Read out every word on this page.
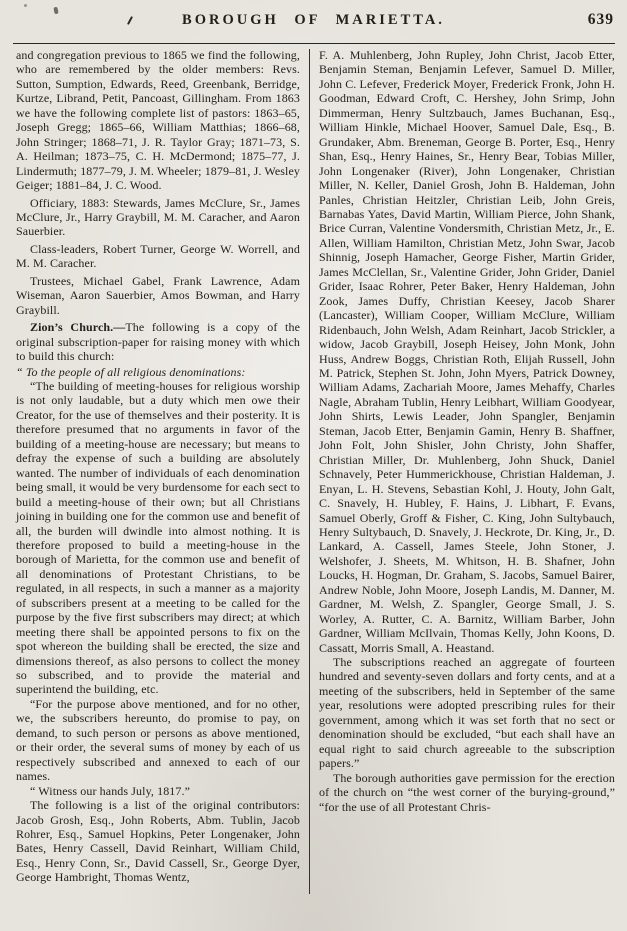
BOROUGH OF MARIETTA.	639

and congregation previous to 1865 we find the following, who are remembered by the older members: Revs. Sutton, Sumption, Edwards, Reed, Greenbank, Berridge, Kurtze, Librand, Petit, Pancoast, Gillingham. From 1863 we have the following complete list of pastors: 1863–65, Joseph Gregg; 1865–66, William Matthias; 1866–68, John Stringer; 1868–71, J. R. Taylor Gray; 1871–73, S. A. Heilman; 1873–75, C. H. McDermond; 1875–77, J. Lindermuth; 1877–79, J. M. Wheeler; 1879–81, J. Wesley Geiger; 1881–84, J. C. Wood.

Officiary, 1883: Stewards, James McClure, Sr., James McClure, Jr., Harry Graybill, M. M. Caracher, and Aaron Sauerbier.

Class-leaders, Robert Turner, George W. Worrell, and M. M. Caracher.

Trustees, Michael Gabel, Frank Lawrence, Adam Wiseman, Aaron Sauerbier, Amos Bowman, and Harry Graybill.

Zion’s Church.—The following is a copy of the original subscription-paper for raising money with which to build this church:

“ To the people of all religious denominations:

“The building of meeting-houses for religious worship is not only laudable, but a duty which men owe their Creator, for the use of themselves and their posterity. It is therefore presumed that no arguments in favor of the building of a meeting-house are necessary; but means to defray the expense of such a building are absolutely wanted. The number of individuals of each denomination being small, it would be very burdensome for each sect to build a meeting-house of their own; but all Christians joining in building one for the common use and benefit of all, the burden will dwindle into almost nothing. It is therefore proposed to build a meeting-house in the borough of Marietta, for the common use and benefit of all denominations of Protestant Christians, to be regulated, in all respects, in such a manner as a majority of subscribers present at a meeting to be called for the purpose by the five first subscribers may direct; at which meeting there shall be appointed persons to fix on the spot whereon the building shall be erected, the size and dimensions thereof, as also persons to collect the money so subscribed, and to provide the material and superintend the building, etc.

“For the purpose above mentioned, and for no other, we, the subscribers hereunto, do promise to pay, on demand, to such person or persons as above mentioned, or their order, the several sums of money by each of us respectively subscribed and annexed to each of our names.

“ Witness our hands July, 1817.”

The following is a list of the original contributors: Jacob Grosh, Esq., John Roberts, Abm. Tublin, Jacob Rohrer, Esq., Samuel Hopkins, Peter Longenaker, John Bates, Henry Cassell, David Reinhart, William Child, Esq., Henry Conn, Sr., David Cassell, Sr., George Dyer, George Hambright, Thomas Wentz,

F. A. Muhlenberg, John Rupley, John Christ, Jacob Etter, Benjamin Steman, Benjamin Lefever, Samuel D. Miller, John C. Lefever, Frederick Moyer, Frederick Fronk, John H. Goodman, Edward Croft, C. Hershey, John Srimp, John Dimmerman, Henry Sultzbauch, James Buchanan, Esq., William Hinkle, Michael Hoover, Samuel Dale, Esq., B. Grundaker, Abm. Breneman, George B. Porter, Esq., Henry Shan, Esq., Henry Haines, Sr., Henry Bear, Tobias Miller, John Longenaker (River), John Longenaker, Christian Miller, N. Keller, Daniel Grosh, John B. Haldeman, John Panles, Christian Heitzler, Christian Leib, John Greis, Barnabas Yates, David Martin, William Pierce, John Shank, Brice Curran, Valentine Vondersmith, Christian Metz, Jr., E. Allen, William Hamilton, Christian Metz, John Swar, Jacob Shinnig, Joseph Hamacher, George Fisher, Martin Grider, James McClellan, Sr., Valentine Grider, John Grider, Daniel Grider, Isaac Rohrer, Peter Baker, Henry Haldeman, John Zook, James Duffy, Christian Keesey, Jacob Sharer (Lancaster), William Cooper, William McClure, William Ridenbauch, John Welsh, Adam Reinhart, Jacob Strickler, a widow, Jacob Graybill, Joseph Heisey, John Monk, John Huss, Andrew Boggs, Christian Roth, Elijah Russell, John M. Patrick, Stephen St. John, John Myers, Patrick Downey, William Adams, Zachariah Moore, James Mehaffy, Charles Nagle, Abraham Tublin, Henry Leibhart, William Goodyear, John Shirts, Lewis Leader, John Spangler, Benjamin Steman, Jacob Etter, Benjamin Gamin, Henry B. Shaffner, John Folt, John Shisler, John Christy, John Shaffer, Christian Miller, Dr. Muhlenberg, John Shuck, Daniel Schnavely, Peter Hummerickhouse, Christian Haldeman, J. Enyan, L. H. Stevens, Sebastian Kohl, J. Houty, John Galt, C. Snavely, H. Hubley, F. Hains, J. Libhart, F. Evans, Samuel Oberly, Groff & Fisher, C. King, John Sultybauch, Henry Sultybauch, D. Snavely, J. Heckrote, Dr. King, Jr., D. Lankard, A. Cassell, James Steele, John Stoner, J. Welshofer, J. Sheets, M. Whitson, H. B. Shafner, John Loucks, H. Hogman, Dr. Graham, S. Jacobs, Samuel Bairer, Andrew Noble, John Moore, Joseph Landis, M. Danner, M. Gardner, M. Welsh, Z. Spangler, George Small, J. S. Worley, A. Rutter, C. A. Barnitz, William Barber, John Gardner, William McIlvain, Thomas Kelly, John Koons, D. Cassatt, Morris Small, A. Heastand.

The subscriptions reached an aggregate of fourteen hundred and seventy-seven dollars and forty cents, and at a meeting of the subscribers, held in September of the same year, resolutions were adopted prescribing rules for their government, among which it was set forth that no sect or denomination should be excluded, “but each shall have an equal right to said church agreeable to the subscription papers.”

The borough authorities gave permission for the erection of the church on “the west corner of the burying-ground,” “for the use of all Protestant Chris-
